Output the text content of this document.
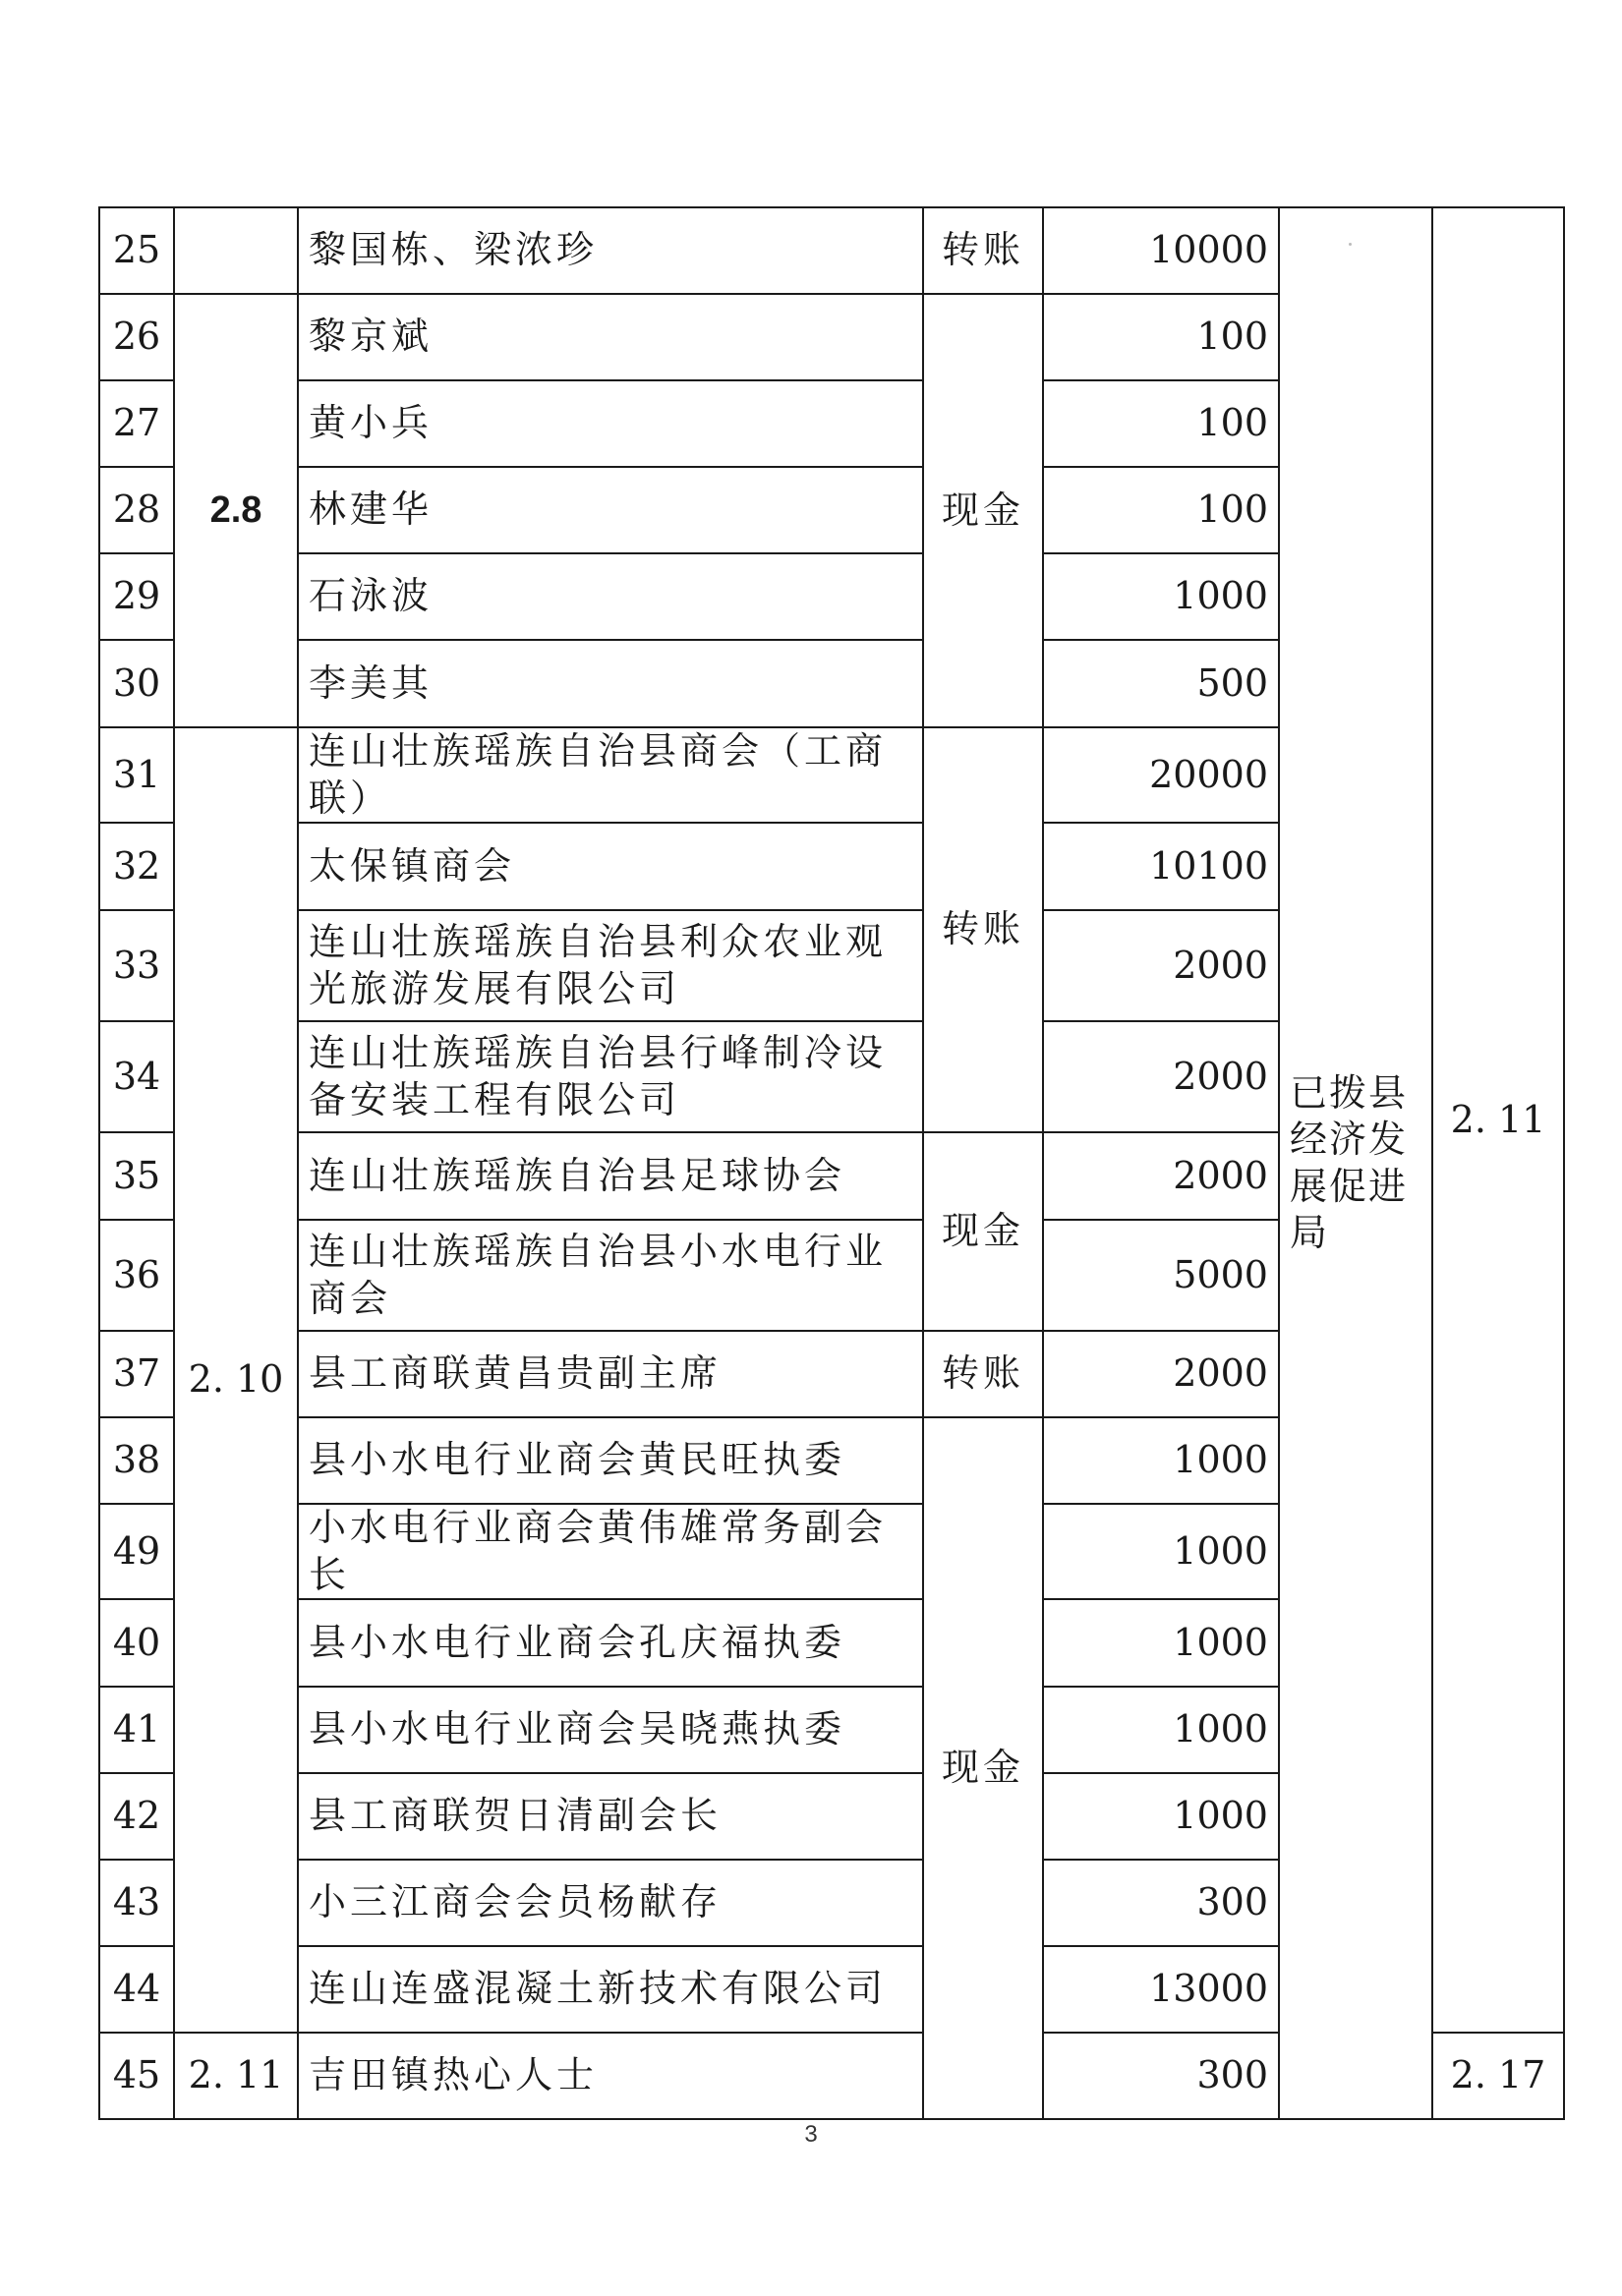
25		黎国栋、梁浓珍	转账	10000	已拨县经济发展促进局	2. 11
26	2.8	黎京斌	现金	100		
27		黄小兵		100		
28		林建华		100		
29		石泳波		1000		
30		李美其		500		
31	2. 10	连山壮族瑶族自治县商会（工商联）	转账	20000		
32		太保镇商会		10100		
33		连山壮族瑶族自治县利众农业观光旅游发展有限公司		2000		
34		连山壮族瑶族自治县行峰制冷设备安装工程有限公司		2000		
35		连山壮族瑶族自治县足球协会	现金	2000		
36		连山壮族瑶族自治县小水电行业商会		5000		
37		县工商联黄昌贵副主席	转账	2000		
38		县小水电行业商会黄民旺执委	现金	1000		
49		小水电行业商会黄伟雄常务副会长		1000		
40		县小水电行业商会孔庆福执委		1000		
41		县小水电行业商会吴晓燕执委		1000		
42		县工商联贺日清副会长		1000		
43		小三江商会会员杨献存		300		
44		连山连盛混凝土新技术有限公司		13000		
45	2. 11	吉田镇热心人士		300		2. 17
3
